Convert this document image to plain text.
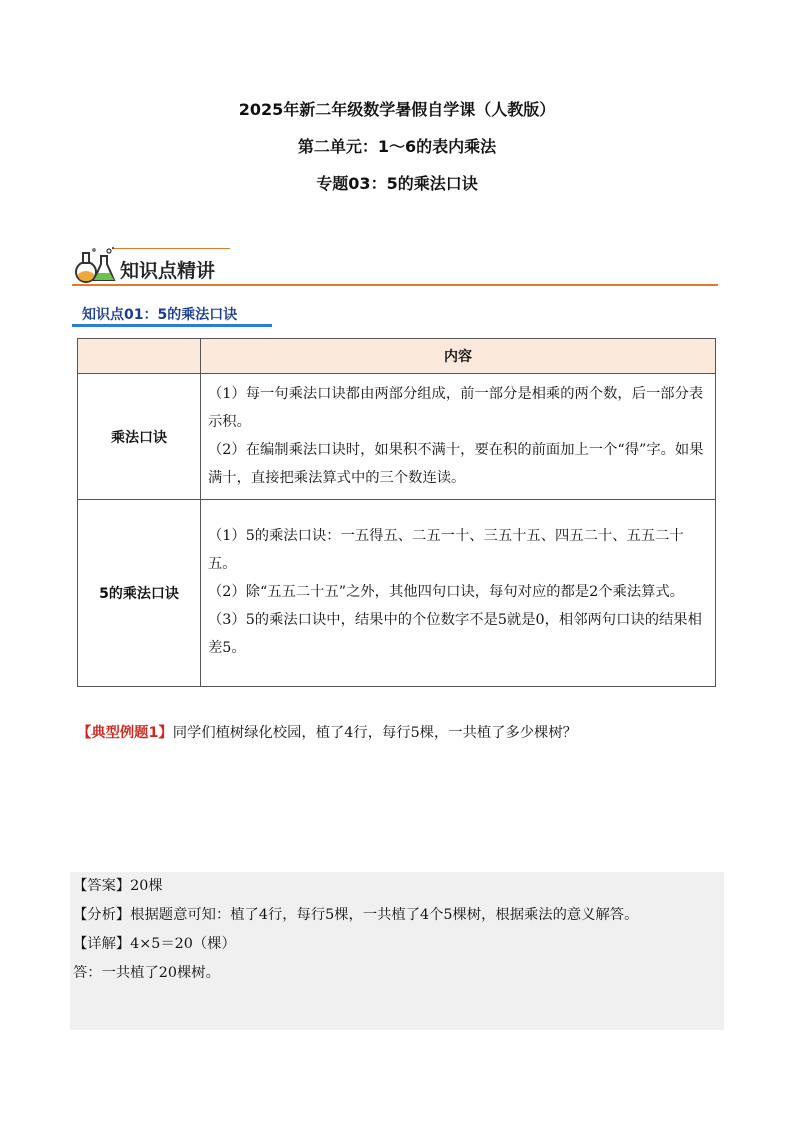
2025年新二年级数学暑假自学课（人教版）
第二单元：1～6的表内乘法
专题03：5的乘法口诀
知识点精讲
知识点01：5的乘法口诀
	内容
乘法口诀	（1）每一句乘法口诀都由两部分组成，前一部分是相乘的两个数，后一部分表示积。

（2）在编制乘法口诀时，如果积不满十，要在积的前面加上一个“得”字。如果满十，直接把乘法算式中的三个数连读。

5的乘法口诀	（1）5的乘法口诀：一五得五、二五一十、三五十五、四五二十、五五二十五。

（2）除“五五二十五”之外，其他四句口诀，每句对应的都是2个乘法算式。

（3）5的乘法口诀中，结果中的个位数字不是5就是0，相邻两句口诀的结果相差5。

【典型例题1】同学们植树绿化校园，植了4行，每行5棵，一共植了多少棵树？

【答案】20棵

【分析】根据题意可知：植了4行，每行5棵，一共植了4个5棵树，根据乘法的意义解答。

【详解】4×5＝20（棵）

答：一共植了20棵树。
